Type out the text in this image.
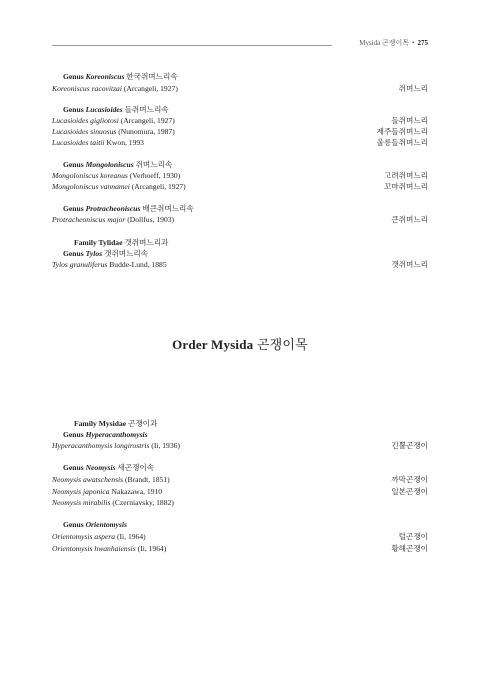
Mysida 곤쟁이목 • 275
Genus Koreoniscus 한국쥐며느리속
Koreoniscus racovitzai (Arcangeli, 1927)	쥐며느리
Genus Lucasioides 들쥐며느리속
Lucasioides gigliotosi (Arcangeli, 1927)	들쥐며느리
Lucasioides sinuosus (Nunomura, 1987)	제주들쥐며느리
Lucasioides taitii Kwon, 1993	울릉들쥐며느리
Genus Mongoloniscus 쥐며느리속
Mongoloniscus koreanus (Verhoeff, 1930)	고려쥐며느리
Mongoloniscus vannamei (Arcangeli, 1927)	꼬마쥐며느리
Genus Protracheoniscus 배큰쥐며느리속
Protracheoniscus major (Dollfus, 1903)	큰쥐며느리
Family Tylidae 갯쥐며느리과
Genus Tylos 갯쥐며느리속
Tylos granuliferus Budde-Lund, 1885	갯쥐며느리
Order Mysida 곤쟁이목
Family Mysidae 곤쟁이과
Genus Hyperacanthomysis
Hyperacanthomysis longirostris (Ii, 1936)	긴뿔곤쟁이
Genus Neomysis 새곤쟁이속
Neomysis awatschensis (Brandt, 1851)	까막곤쟁이
Neomysis japonica Nakazawa, 1910	일본곤쟁이
Neomysis mirabilis (Czerniavsky, 1882)
Genus Orientomysis
Orientomysis aspera (Ii, 1964)	털곤쟁이
Orientomysis hwanhaiensis (Ii, 1964)	황해곤쟁이
